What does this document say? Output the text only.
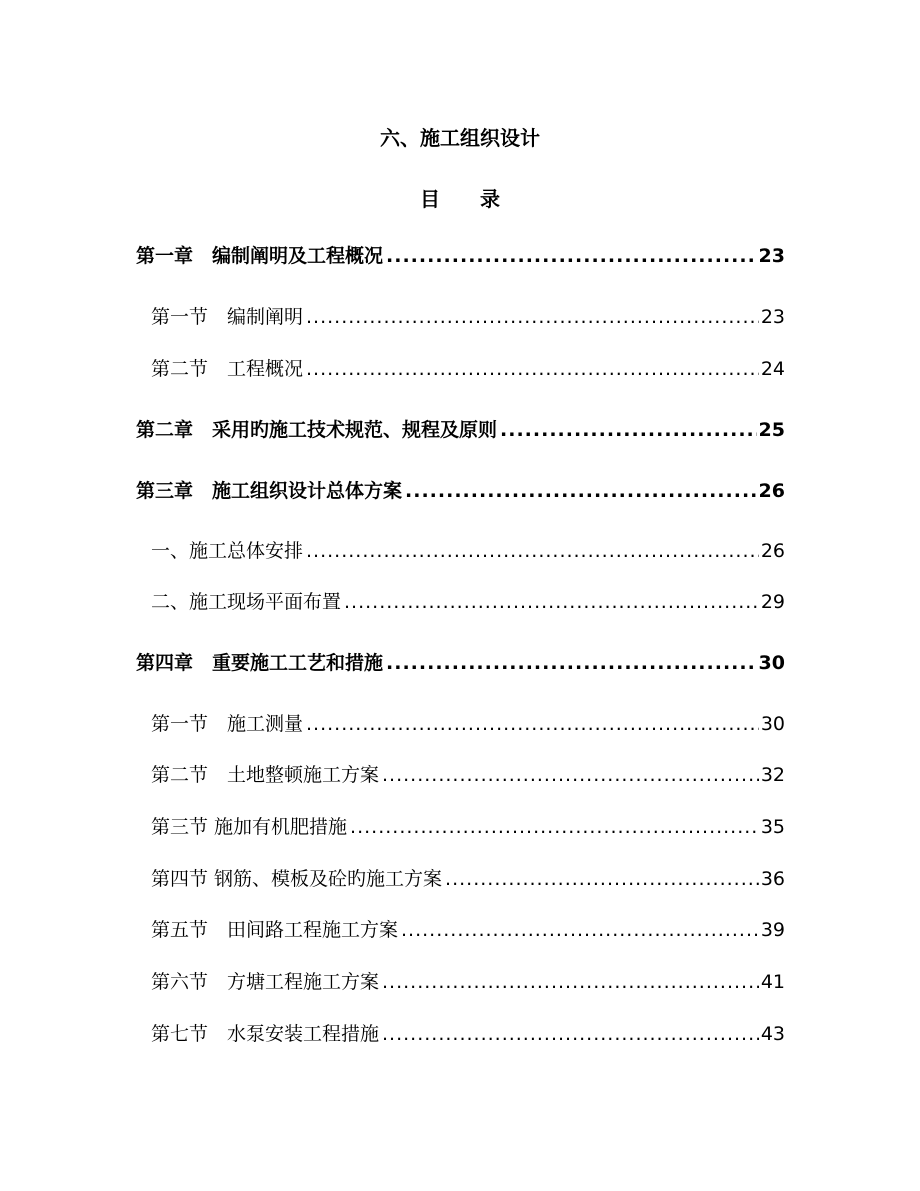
六、施工组织设计
目　　录
第一章　编制阐明及工程概况 .....	23
第一节　编制阐明 .....	23
第二节　工程概况 .....	24
第二章　采用旳施工技术规范、规程及原则 .....	25
第三章　施工组织设计总体方案 .....	26
一、施工总体安排 .....	26
二、施工现场平面布置 .....	29
第四章　重要施工工艺和措施 .....	30
第一节　施工测量 .....	30
第二节　土地整顿施工方案 .....	32
第三节 施加有机肥措施 .....	35
第四节 钢筋、模板及砼旳施工方案 .....	36
第五节　田间路工程施工方案 .....	39
第六节　方塘工程施工方案 .....	41
第七节　水泵安装工程措施 .....	43
